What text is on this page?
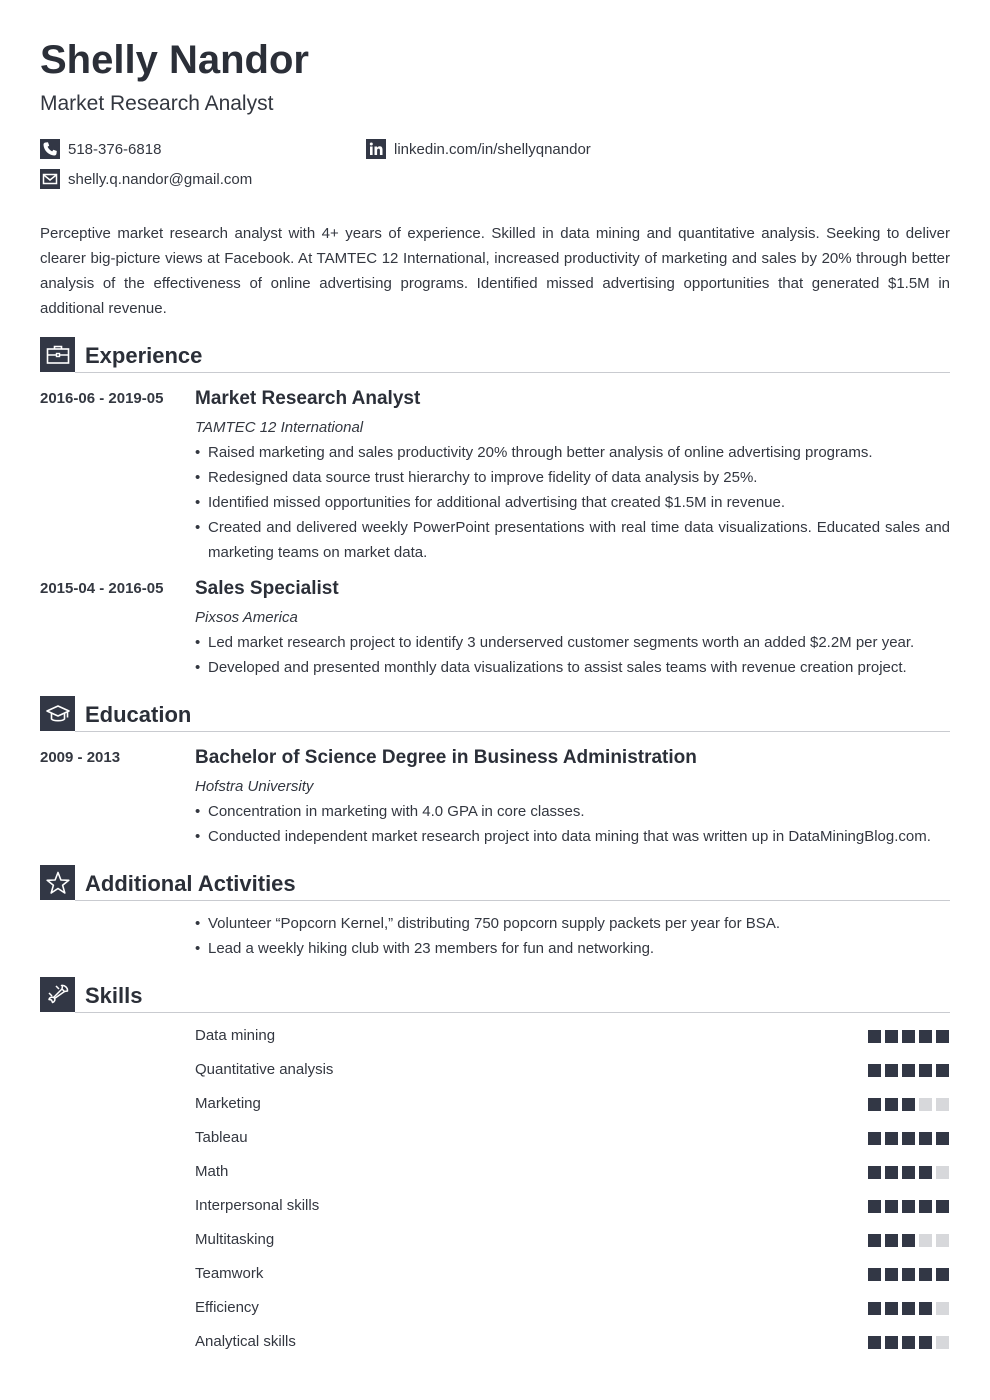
Shelly Nandor
Market Research Analyst
518-376-6818	linkedin.com/in/shellyqnandor
shelly.q.nandor@gmail.com

Perceptive market research analyst with 4+ years of experience. Skilled in data mining and quantitative analysis. Seeking to deliver clearer big-picture views at Facebook. At TAMTEC 12 International, increased productivity of marketing and sales by 20% through better analysis of the effectiveness of online advertising programs. Identified missed advertising opportunities that generated $1.5M in additional revenue.

Experience
2016-06 - 2019-05 Market Research Analyst
TAMTEC 12 International
• Raised marketing and sales productivity 20% through better analysis of online advertising programs.
• Redesigned data source trust hierarchy to improve fidelity of data analysis by 25%.
• Identified missed opportunities for additional advertising that created $1.5M in revenue.
• Created and delivered weekly PowerPoint presentations with real time data visualizations. Educated sales and marketing teams on market data.
2015-04 - 2016-05 Sales Specialist
Pixsos America
• Led market research project to identify 3 underserved customer segments worth an added $2.2M per year.
• Developed and presented monthly data visualizations to assist sales teams with revenue creation project.
Education
2009 - 2013	Bachelor of Science Degree in Business Administration
Hofstra University
• Concentration in marketing with 4.0 GPA in core classes.
• Conducted independent market research project into data mining that was written up in DataMiningBlog.com.
Additional Activities
• Volunteer “Popcorn Kernel,” distributing 750 popcorn supply packets per year for BSA.
• Lead a weekly hiking club with 23 members for fun and networking.
Skills
Data mining
Quantitative analysis
Marketing
Tableau
Math
Interpersonal skills
Multitasking
Teamwork
Efficiency
Analytical skills
